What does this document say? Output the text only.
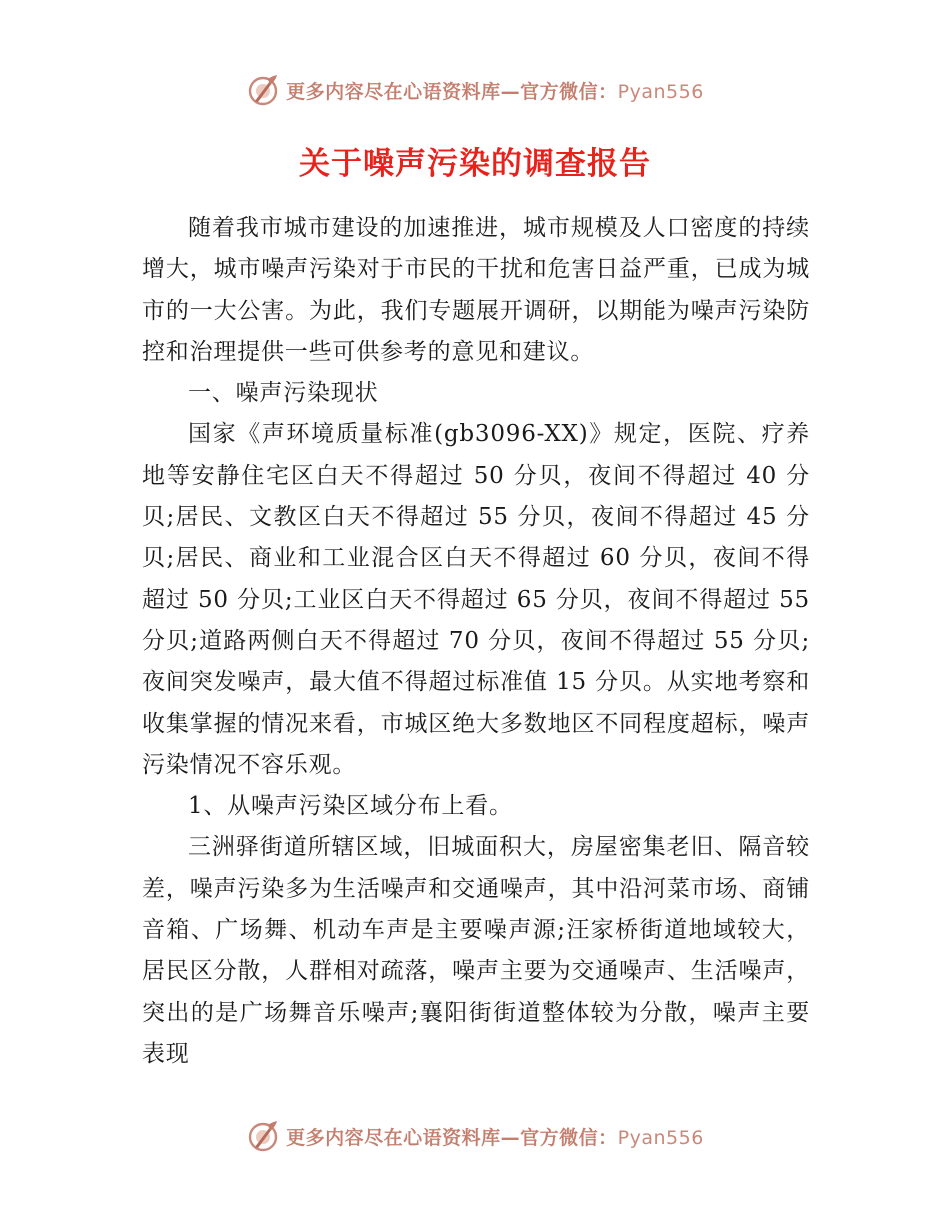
更多内容尽在心语资料库—官方微信：Pyan556
关于噪声污染的调查报告

随着我市城市建设的加速推进，城市规模及人口密度的持续增大，城市噪声污染对于市民的干扰和危害日益严重，已成为城市的一大公害。为此，我们专题展开调研，以期能为噪声污染防控和治理提供一些可供参考的意见和建议。

一、噪声污染现状

国家《声环境质量标准(gb3096-XX)》规定，医院、疗养地等安静住宅区白天不得超过 50 分贝，夜间不得超过 40 分贝;居民、文教区白天不得超过 55 分贝，夜间不得超过 45 分贝;居民、商业和工业混合区白天不得超过 60 分贝，夜间不得超过 50 分贝;工业区白天不得超过 65 分贝，夜间不得超过 55 分贝;道路两侧白天不得超过 70 分贝，夜间不得超过 55 分贝;夜间突发噪声，最大值不得超过标准值 15 分贝。从实地考察和收集掌握的情况来看，市城区绝大多数地区不同程度超标，噪声污染情况不容乐观。

1、从噪声污染区域分布上看。

三洲驿街道所辖区域，旧城面积大，房屋密集老旧、隔音较差，噪声污染多为生活噪声和交通噪声，其中沿河菜市场、商铺音箱、广场舞、机动车声是主要噪声源;汪家桥街道地域较大，居民区分散，人群相对疏落，噪声主要为交通噪声、生活噪声，突出的是广场舞音乐噪声;襄阳街街道整体较为分散，噪声主要表现

更多内容尽在心语资料库—官方微信：Pyan556
